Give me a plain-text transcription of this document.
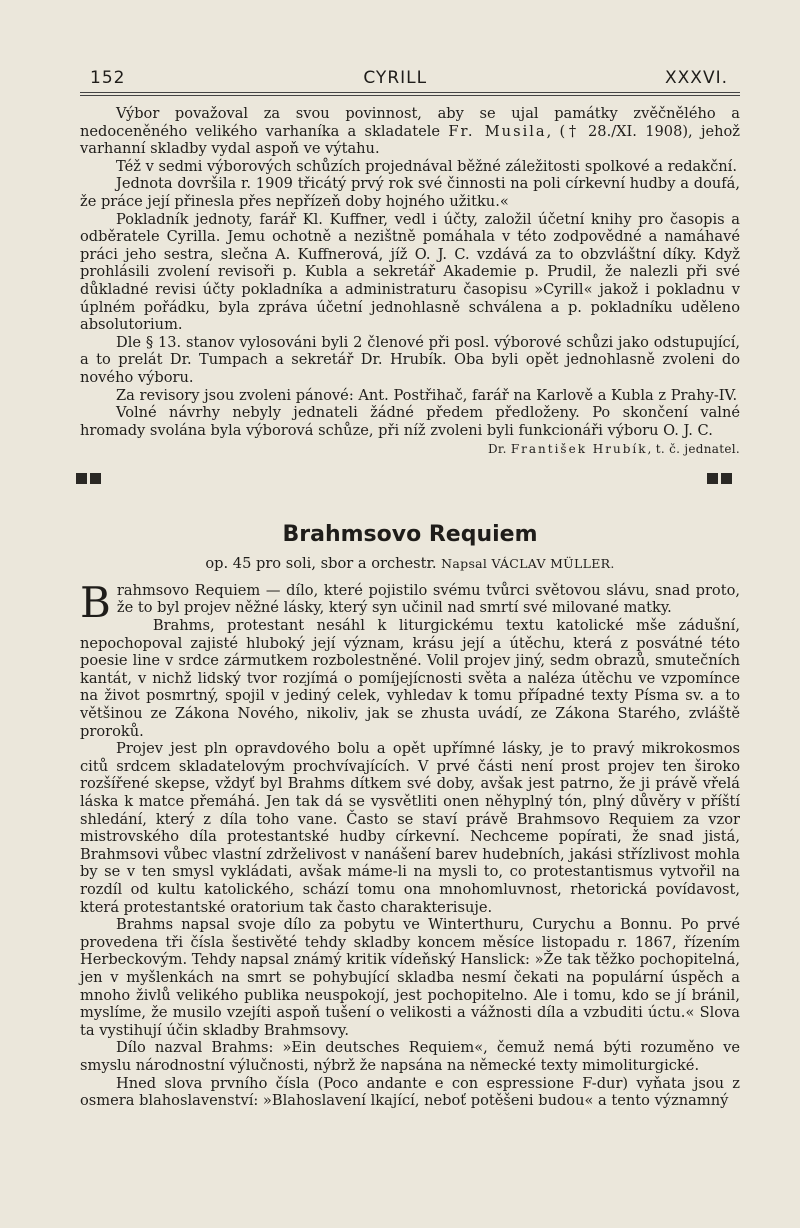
152	CYRILL	XXXVI.

Výbor považoval za svou povinnost, aby se ujal památky zvěčnělého a nedoceněného velikého varhaníka a skladatele Fr. Musila, († 28./XI. 1908), jehož varhanní skladby vydal aspoň ve výtahu.

Též v sedmi výborových schůzích projednával běžné záležitosti spolkové a redakční.

Jednota dovršila r. 1909 třicátý prvý rok své činnosti na poli církevní hudby a doufá, že práce její přinesla přes nepřízeň doby hojného užitku.«

Pokladník jednoty, farář Kl. Kuffner, vedl i účty, založil účetní knihy pro časopis a odběratele Cyrilla. Jemu ochotně a nezištně pomáhala v této zodpovědné a namáhavé práci jeho sestra, slečna A. Kuffnerová, jíž O. J. C. vzdává za to obzvláštní díky. Když prohlásili zvolení revisoři p. Kubla a sekretář Akademie p. Prudil, že nalezli při své důkladné revisi účty pokladníka a administraturu časopisu »Cyrill« jakož i pokladnu v úplném pořádku, byla zpráva účetní jednohlasně schválena a p. pokladníku uděleno absolutorium.

Dle § 13. stanov vylosováni byli 2 členové při posl. výborové schůzi jako odstupující, a to prelát Dr. Tumpach a sekretář Dr. Hrubík. Oba byli opět jednohlasně zvoleni do nového výboru.

Za revisory jsou zvoleni pánové: Ant. Postřihač, farář na Karlově a Kubla z Prahy-IV.

Volné návrhy nebyly jednateli žádné předem předloženy. Po skončení valné hromady svolána byla výborová schůze, při níž zvoleni byli funkcionáři výboru O. J. C.

Dr. František Hrubík, t. č. jednatel.
Brahmsovo Requiem
op. 45 pro soli, sbor a orchestr. Napsal VÁCLAV MÜLLER.

Brahmsovo Requiem — dílo, které pojistilo svému tvůrci světovou slávu, snad proto, že to byl projev něžné lásky, který syn učinil nad smrtí své milované matky.

Brahms, protestant nesáhl k liturgickému textu katolické mše zádušní, nepochopoval zajisté hluboký její význam, krásu její a útěchu, která z posvátné této poesie line v srdce zármutkem rozbolestněné. Volil projev jiný, sedm obrazů, smutečních kantát, v nichž lidský tvor rozjímá o pomíjejícnosti světa a naléza útěchu ve vzpomínce na život posmrtný, spojil v jediný celek, vyhledav k tomu případné texty Písma sv. a to většinou ze Zákona Nového, nikoliv, jak se zhusta uvádí, ze Zákona Starého, zvláště proroků.

Projev jest pln opravdového bolu a opět upřímné lásky, je to pravý mikrokosmos citů srdcem skladatelovým prochvívajících. V prvé části není prost projev ten široko rozšířené skepse, vždyť byl Brahms dítkem své doby, avšak jest patrno, že ji právě vřelá láska k matce přemáhá. Jen tak dá se vysvětliti onen něhyplný tón, plný důvěry v příští shledání, který z díla toho vane. Často se staví právě Brahmsovo Requiem za vzor mistrovského díla protestantské hudby církevní. Nechceme popírati, že snad jistá, Brahmsovi vůbec vlastní zdrželivost v nanášení barev hudebních, jakási střízlivost mohla by se v ten smysl vykládati, avšak máme-li na mysli to, co protestantismus vytvořil na rozdíl od kultu katolického, schází tomu ona mnohomluvnost, rhetorická povídavost, která protestantské oratorium tak často charakterisuje.

Brahms napsal svoje dílo za pobytu ve Winterthuru, Curychu a Bonnu. Po prvé provedena tři čísla šestivěté tehdy skladby koncem měsíce listopadu r. 1867, řízením Herbeckovým. Tehdy napsal známý kritik vídeňský Hanslick: »Že tak těžko pochopitelná, jen v myšlenkách na smrt se pohybující skladba nesmí čekati na populární úspěch a mnoho živlů velikého publika neuspokojí, jest pochopitelno. Ale i tomu, kdo se jí bránil, myslíme, že musilo vzejíti aspoň tušení o velikosti a vážnosti díla a vzbuditi úctu.« Slova ta vystihují účin skladby Brahmsovy.

Dílo nazval Brahms: »Ein deutsches Requiem«, čemuž nemá býti rozuměno ve smyslu národnostní výlučnosti, nýbrž že napsána na německé texty mimoliturgické.

Hned slova prvního čísla (Poco andante e con espressione F-dur) vyňata jsou z osmera blahoslavenství: »Blahoslavení lkající, neboť potěšeni budou« a tento významný
